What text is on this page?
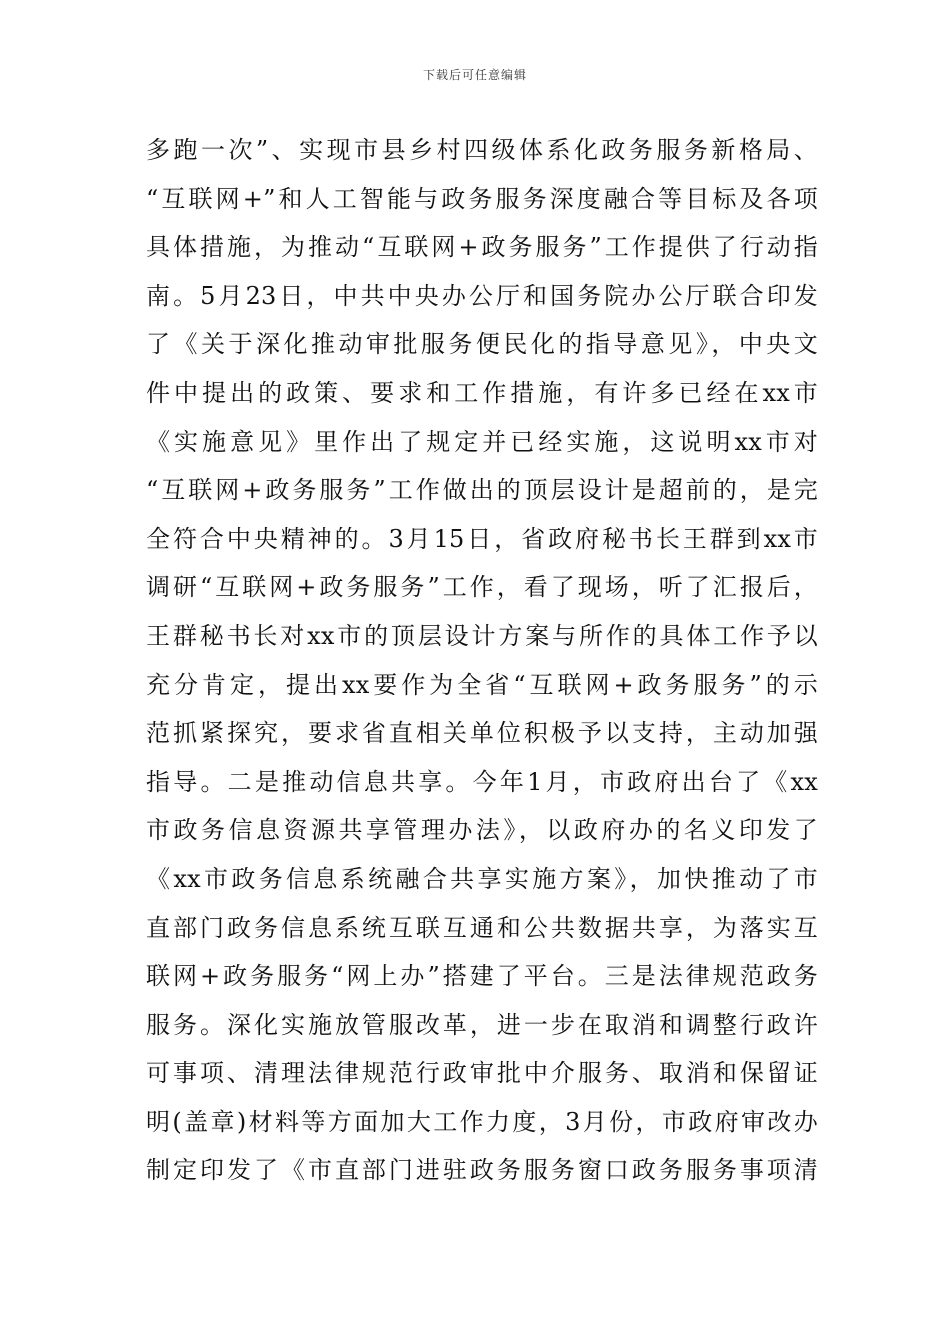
下载后可任意编辑
多跑一次”、实现市县乡村四级体系化政务服务新格局、
“互联网+”和人工智能与政务服务深度融合等目标及各项
具体措施，为推动“互联网+政务服务”工作提供了行动指
南。5月23日，中共中央办公厅和国务院办公厅联合印发
了《关于深化推动审批服务便民化的指导意见》，中央文
件中提出的政策、要求和工作措施，有许多已经在xx市
《实施意见》里作出了规定并已经实施，这说明xx市对
“互联网+政务服务”工作做出的顶层设计是超前的，是完
全符合中央精神的。3月15日，省政府秘书长王群到xx市
调研“互联网+政务服务”工作，看了现场，听了汇报后，
王群秘书长对xx市的顶层设计方案与所作的具体工作予以
充分肯定，提出xx要作为全省“互联网+政务服务”的示
范抓紧探究，要求省直相关单位积极予以支持，主动加强
指导。二是推动信息共享。今年1月，市政府出台了《xx
市政务信息资源共享管理办法》，以政府办的名义印发了
《xx市政务信息系统融合共享实施方案》，加快推动了市
直部门政务信息系统互联互通和公共数据共享，为落实互
联网+政务服务“网上办”搭建了平台。三是法律规范政务
服务。深化实施放管服改革，进一步在取消和调整行政许
可事项、清理法律规范行政审批中介服务、取消和保留证
明(盖章)材料等方面加大工作力度，3月份，市政府审改办
制定印发了《市直部门进驻政务服务窗口政务服务事项清
